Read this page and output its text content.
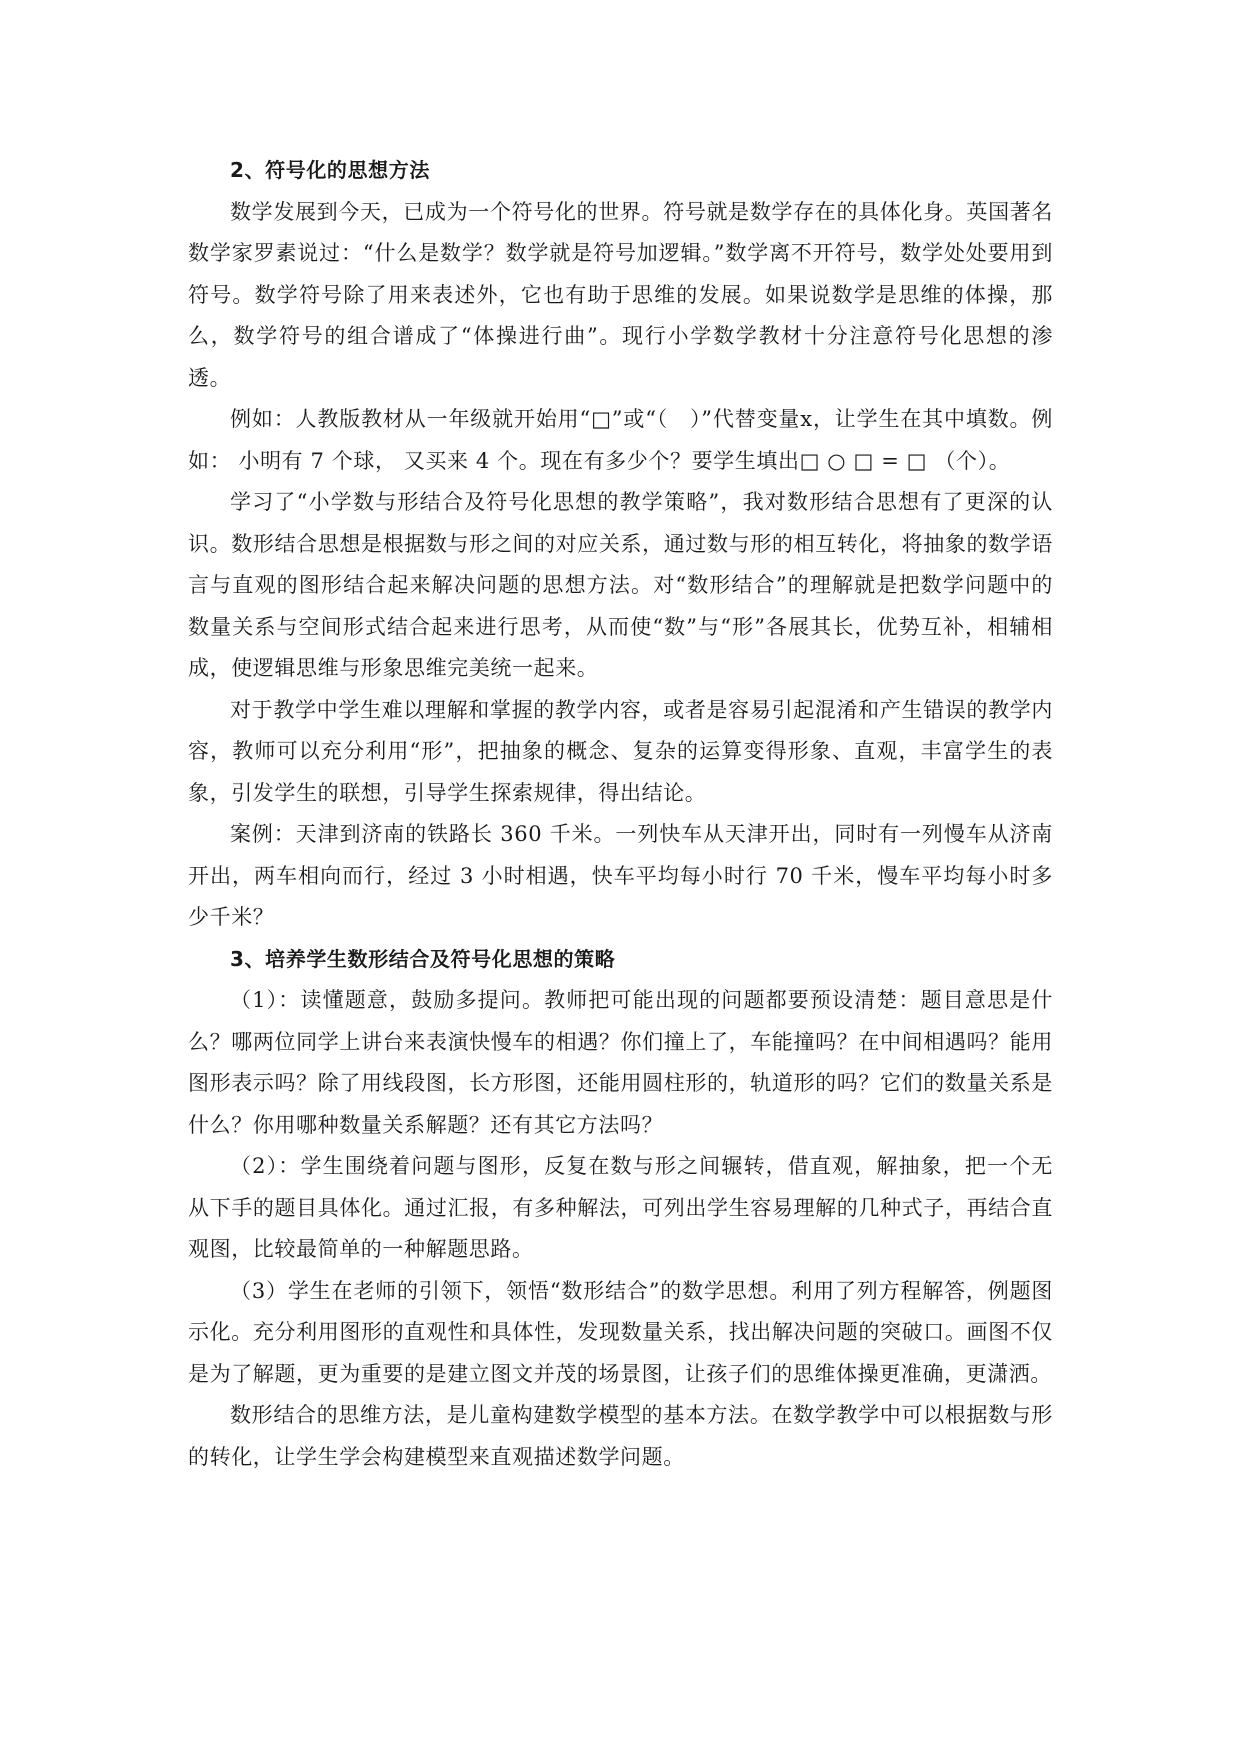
2、符号化的思想方法

数学发展到今天，已成为一个符号化的世界。符号就是数学存在的具体化身。英国著名数学家罗素说过：“什么是数学？数学就是符号加逻辑。”数学离不开符号，数学处处要用到符号。数学符号除了用来表述外，它也有助于思维的发展。如果说数学是思维的体操，那么，数学符号的组合谱成了“体操进行曲”。现行小学数学教材十分注意符号化思想的渗透。

例如：人教版教材从一年级就开始用“□”或“（　）”代替变量x，让学生在其中填数。例如： 小明有 7 个球， 又买来 4 个。现在有多少个？要学生填出□ ○ □ = □ （个）。

学习了“小学数与形结合及符号化思想的教学策略”，我对数形结合思想有了更深的认识。数形结合思想是根据数与形之间的对应关系，通过数与形的相互转化，将抽象的数学语言与直观的图形结合起来解决问题的思想方法。对“数形结合”的理解就是把数学问题中的数量关系与空间形式结合起来进行思考，从而使“数”与“形”各展其长，优势互补，相辅相成，使逻辑思维与形象思维完美统一起来。

对于教学中学生难以理解和掌握的教学内容，或者是容易引起混淆和产生错误的教学内容，教师可以充分利用“形”，把抽象的概念、复杂的运算变得形象、直观，丰富学生的表象，引发学生的联想，引导学生探索规律，得出结论。

案例：天津到济南的铁路长 360 千米。一列快车从天津开出，同时有一列慢车从济南开出，两车相向而行，经过 3 小时相遇，快车平均每小时行 70 千米，慢车平均每小时多少千米？

3、培养学生数形结合及符号化思想的策略

（1）：读懂题意，鼓励多提问。教师把可能出现的问题都要预设清楚：题目意思是什么？哪两位同学上讲台来表演快慢车的相遇？你们撞上了，车能撞吗？在中间相遇吗？能用图形表示吗？除了用线段图，长方形图，还能用圆柱形的，轨道形的吗？它们的数量关系是什么？你用哪种数量关系解题？还有其它方法吗？

（2）：学生围绕着问题与图形，反复在数与形之间辗转，借直观，解抽象，把一个无从下手的题目具体化。通过汇报，有多种解法，可列出学生容易理解的几种式子，再结合直观图，比较最简单的一种解题思路。

（3）学生在老师的引领下，领悟“数形结合”的数学思想。利用了列方程解答，例题图示化。充分利用图形的直观性和具体性，发现数量关系，找出解决问题的突破口。画图不仅是为了解题，更为重要的是建立图文并茂的场景图，让孩子们的思维体操更准确，更潇洒。

数形结合的思维方法，是儿童构建数学模型的基本方法。在数学教学中可以根据数与形的转化，让学生学会构建模型来直观描述数学问题。
